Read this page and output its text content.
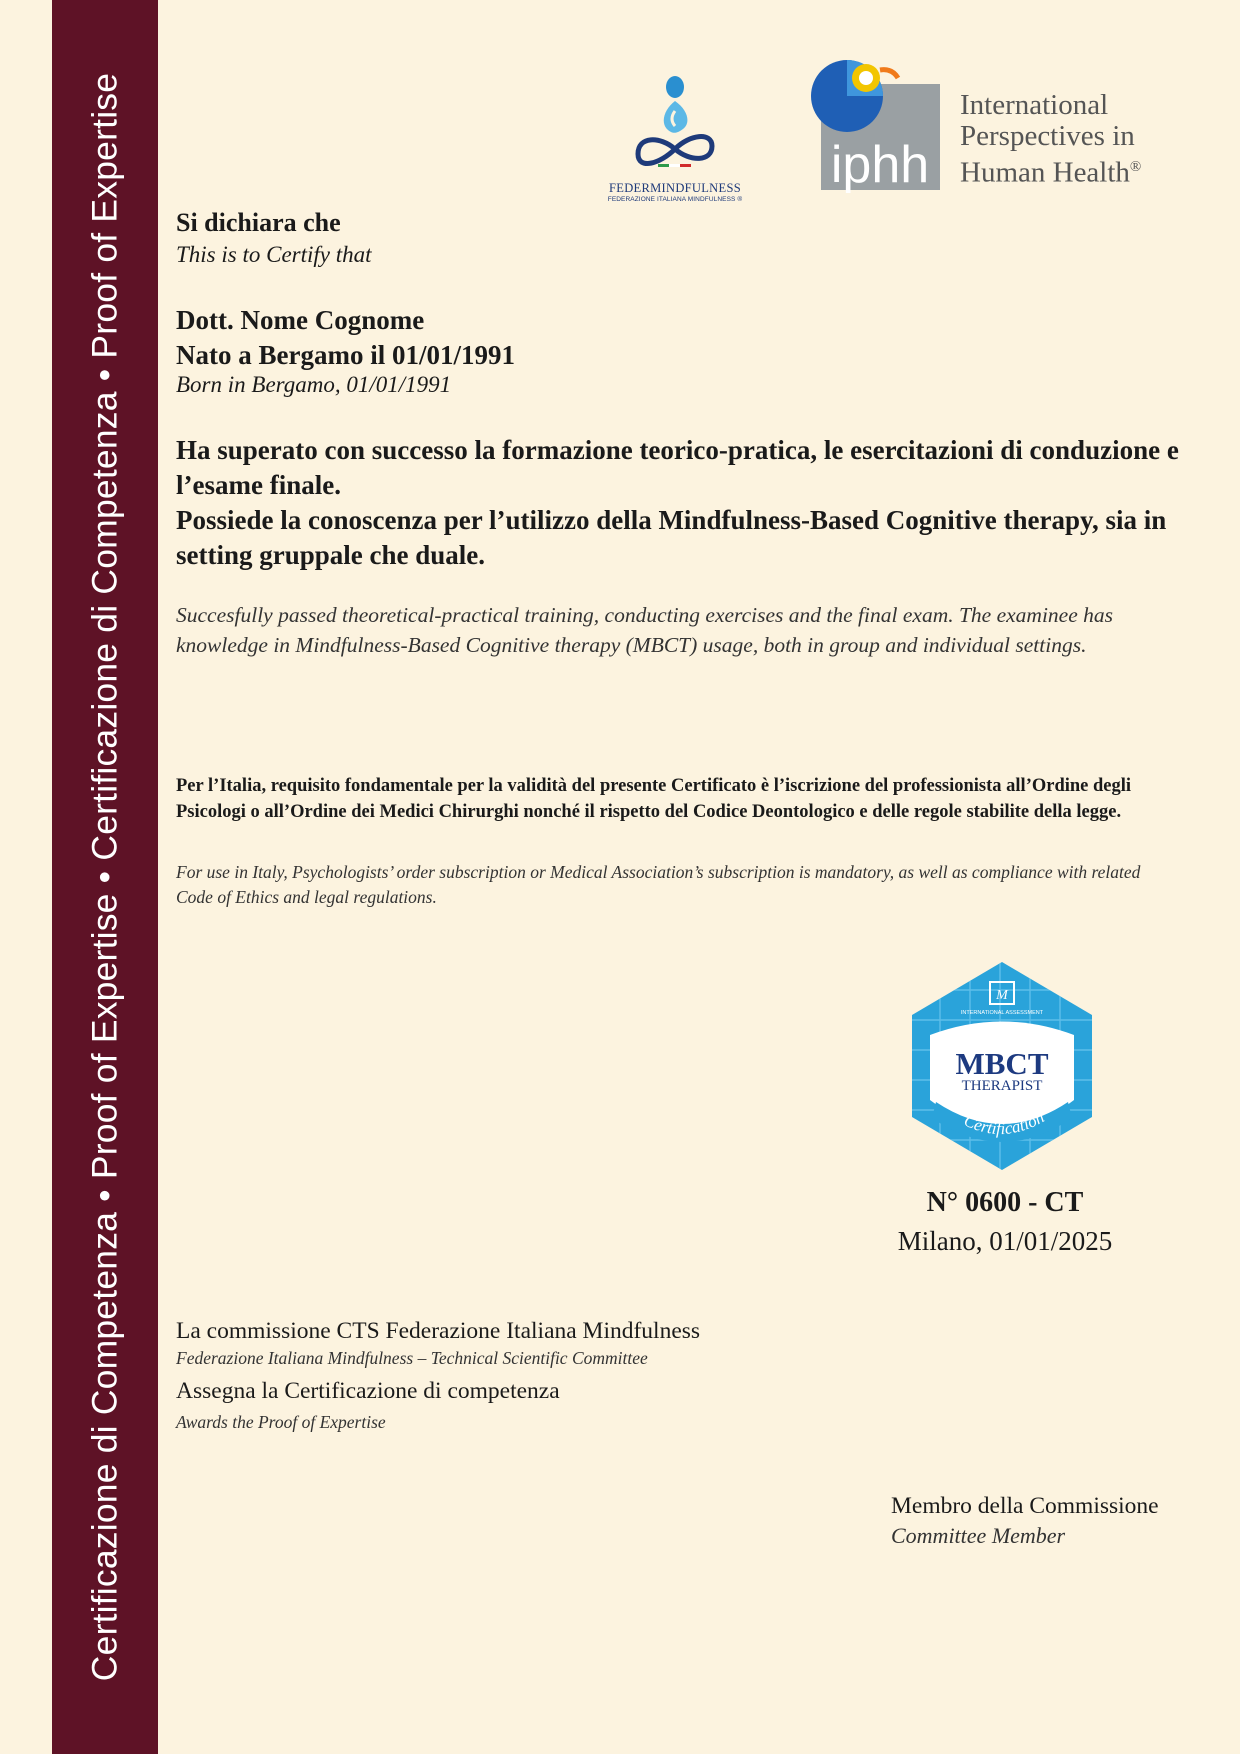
Certificazione di Competenza • Proof of Expertise • Certificazione di Competenza • Proof of Expertise	FEDERMINDFULNESS
FEDERAZIONE ITALIANA MINDFULNESS ®
iphh
International
Perspectives in
Human Health®
Si dichiara che
This is to Certify that
Dott. Nome Cognome
Nato a Bergamo il 01/01/1991
Born in Bergamo, 01/01/1991
Ha superato con successo la formazione teorico-pratica, le esercitazioni di conduzione e l’esame finale.
Possiede la conoscenza per l’utilizzo della Mindfulness-Based Cognitive therapy, sia in setting gruppale che duale.
Succesfully passed theoretical-practical training, conducting exercises and the final exam. The examinee has knowledge in Mindfulness-Based Cognitive therapy (MBCT) usage, both in group and individual settings.
Per l’Italia, requisito fondamentale per la validità del presente Certificato è l’iscrizione del professionista all’Ordine degli Psicologi o all’Ordine dei Medici Chirurghi nonché il rispetto del Codice Deontologico e delle regole stabilite della legge.
For use in Italy, Psychologists’ order subscription or Medical Association’s subscription is mandatory, as well as compliance with related Code of Ethics and legal regulations.
M
INTERNATIONAL ASSESSMENT
MBCT
THERAPIST
Certification
N° 0600 - CT
Milano, 01/01/2025
La commissione CTS Federazione Italiana Mindfulness
Federazione Italiana Mindfulness – Technical Scientific Committee
Assegna la Certificazione di competenza
Awards the Proof of Expertise
Membro della Commissione
Committee Member
